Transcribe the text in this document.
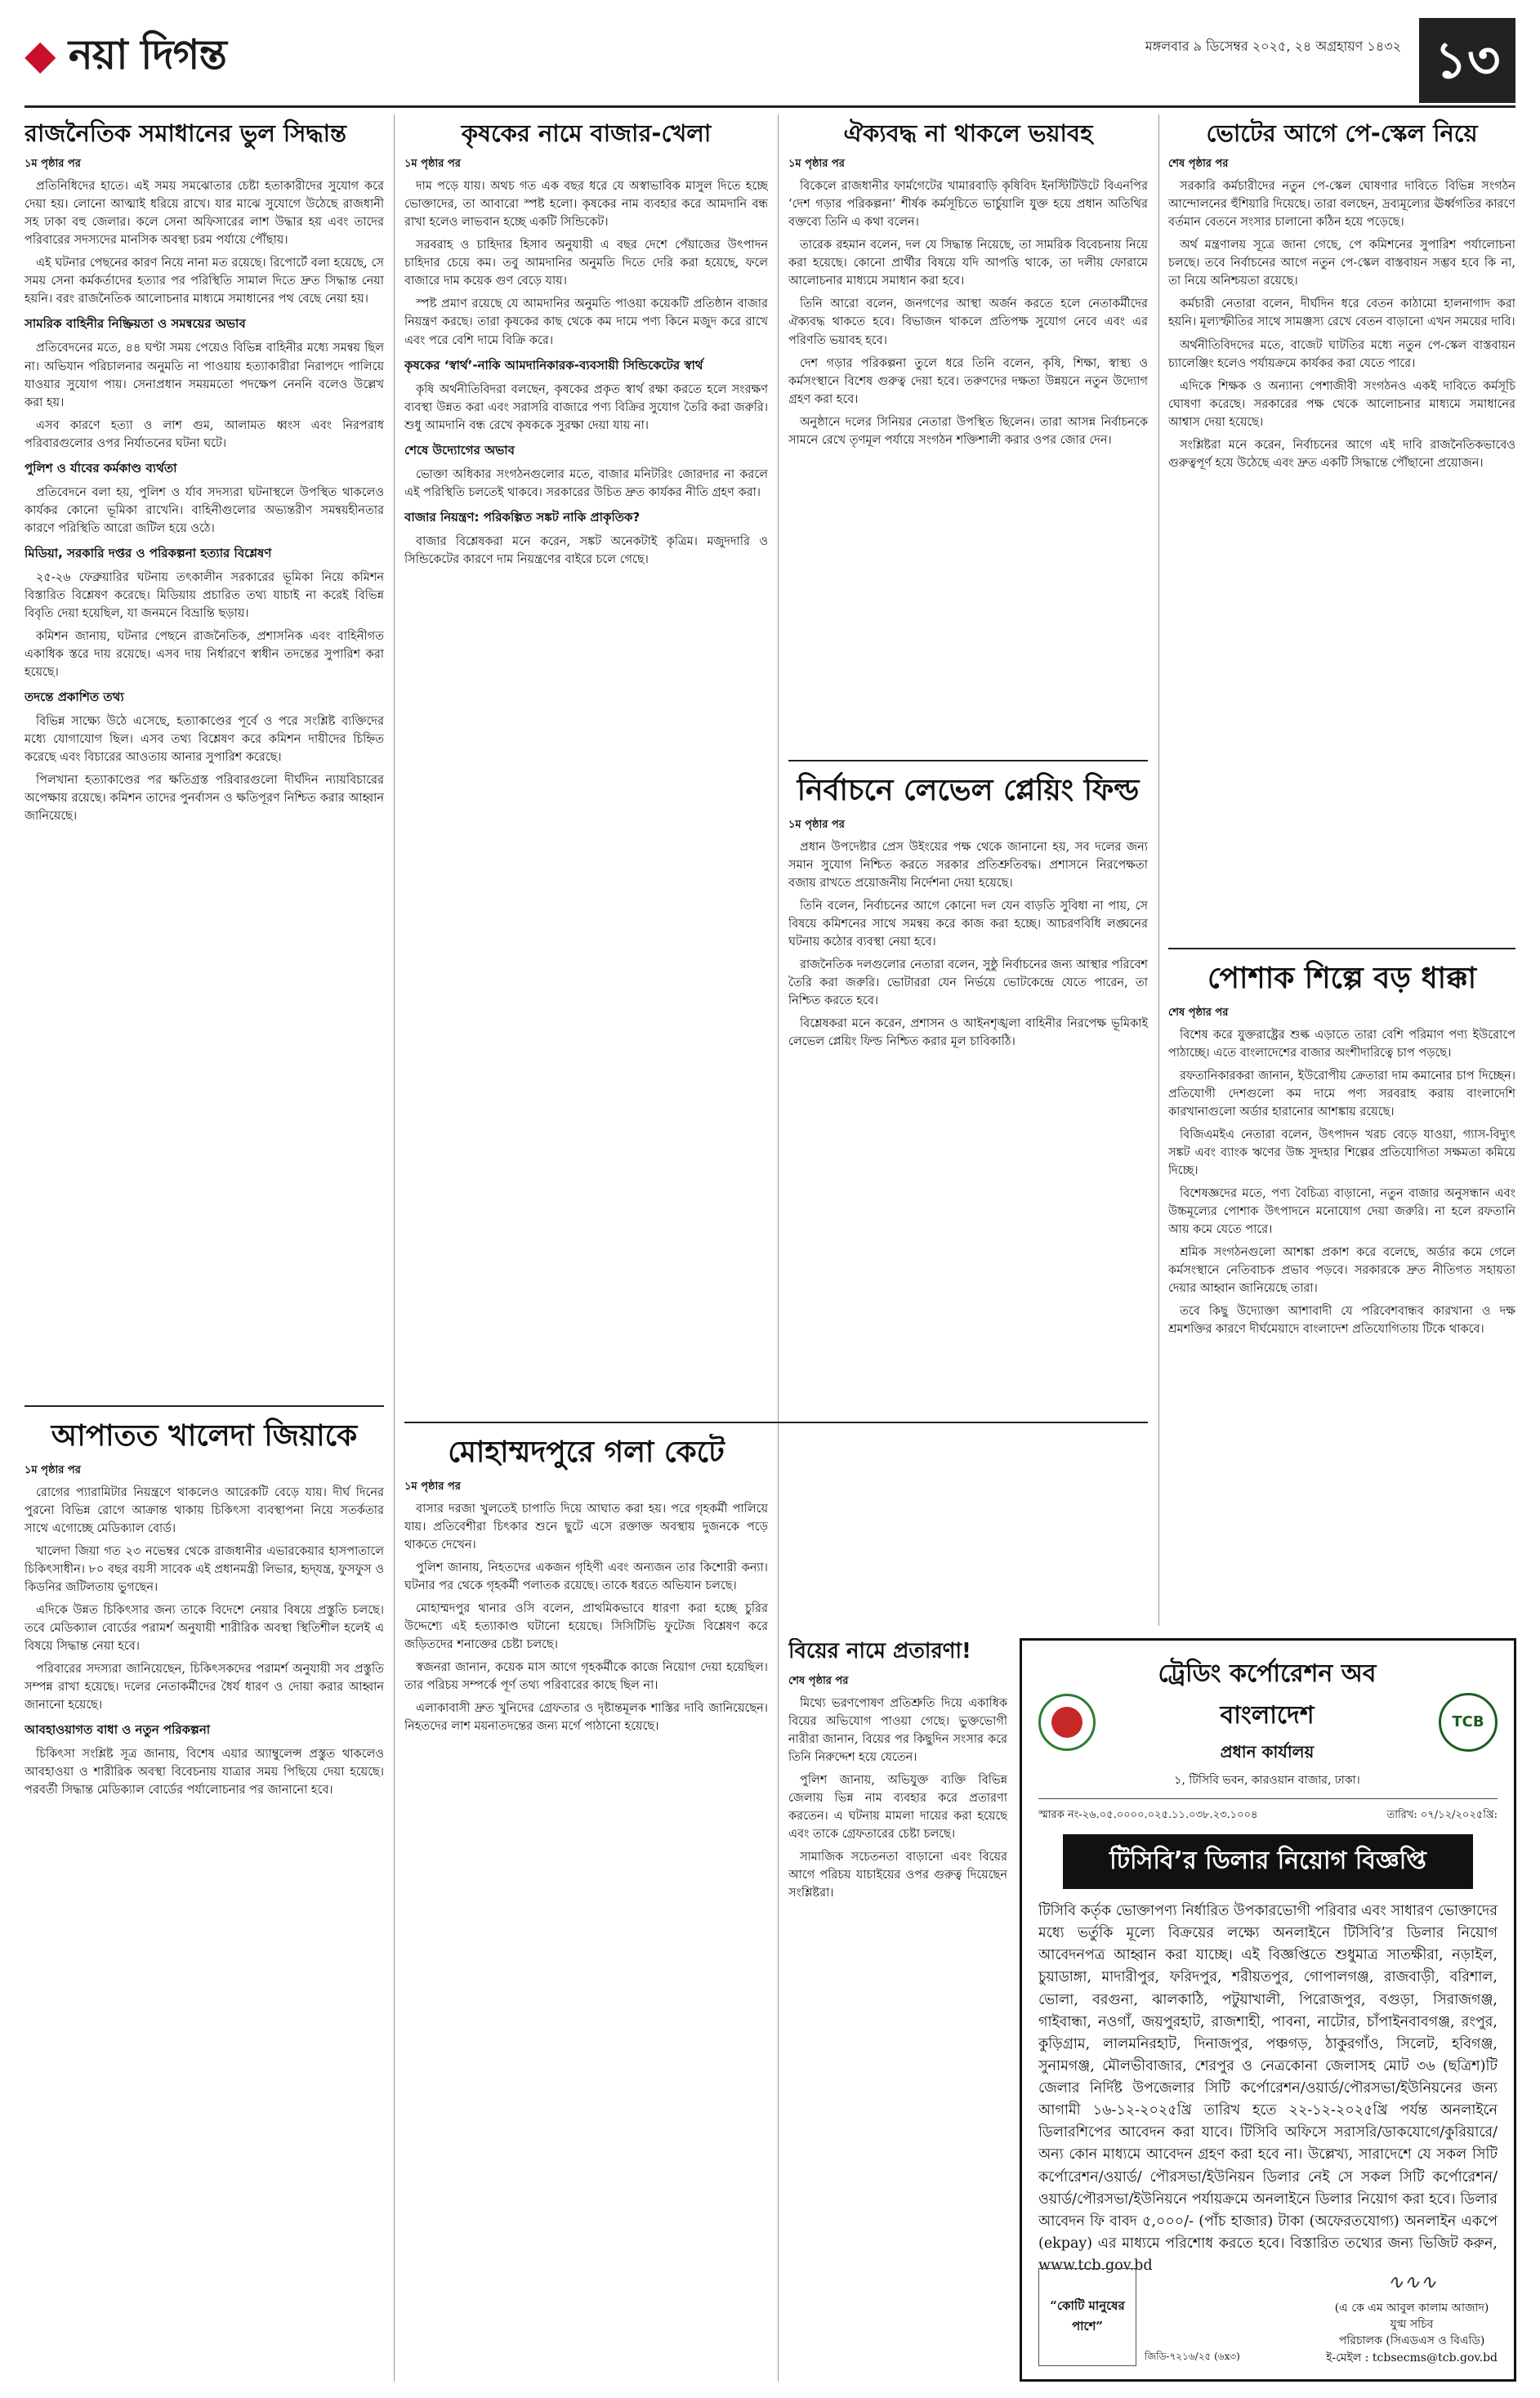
◆ নয়া দিগন্ত	মঙ্গলবার ৯ ডিসেম্বর ২০২৫, ২৪ অগ্রহায়ণ ১৪৩২ ১৩
রাজনৈতিক সমাধানের ভুল সিদ্ধান্ত
১ম পৃষ্ঠার পর

প্রতিনিধিদের হাতে। এই সময় সমঝোতার চেষ্টা হতাকারীদের সুযোগ করে দেয়া হয়। লোনো আত্মাই ধরিয়ে রাখে। যার মাঝে সুযোগে উঠেছে রাজধানী সহ ঢাকা বহু জেলার। কলে সেনা অফিসারের লাশ উদ্ধার হয় এবং তাদের পরিবারের সদস্যদের মানসিক অবস্থা চরম পর্যায়ে পৌঁছায়।

এই ঘটনার পেছনের কারণ নিয়ে নানা মত রয়েছে। রিপোর্টে বলা হয়েছে, সে সময় সেনা কর্মকর্তাদের হত্যার পর পরিস্থিতি সামাল দিতে দ্রুত সিদ্ধান্ত নেয়া হয়নি। বরং রাজনৈতিক আলোচনার মাধ্যমে সমাধানের পথ বেছে নেয়া হয়।

সামরিক বাহিনীর নিষ্ক্রিয়তা ও সমন্বয়ের অভাব

প্রতিবেদনের মতে, ৪৪ ঘণ্টা সময় পেয়েও বিভিন্ন বাহিনীর মধ্যে সমন্বয় ছিল না। অভিযান পরিচালনার অনুমতি না পাওয়ায় হত্যাকারীরা নিরাপদে পালিয়ে যাওয়ার সুযোগ পায়। সেনাপ্রধান সময়মতো পদক্ষেপ নেননি বলেও উল্লেখ করা হয়।

এসব কারণে হত্যা ও লাশ গুম, আলামত ধ্বংস এবং নিরপরাধ পরিবারগুলোর ওপর নির্যাতনের ঘটনা ঘটে।

পুলিশ ও র্যাবের কর্মকাণ্ড ব্যর্থতা

প্রতিবেদনে বলা হয়, পুলিশ ও র্যাব সদস্যরা ঘটনাস্থলে উপস্থিত থাকলেও কার্যকর কোনো ভূমিকা রাখেনি। বাহিনীগুলোর অভ্যন্তরীণ সমন্বয়হীনতার কারণে পরিস্থিতি আরো জটিল হয়ে ওঠে।

মিডিয়া, সরকারি দপ্তর ও পরিকল্পনা হত্যার বিশ্লেষণ

২৫-২৬ ফেব্রুয়ারির ঘটনায় তৎকালীন সরকারের ভূমিকা নিয়ে কমিশন বিস্তারিত বিশ্লেষণ করেছে। মিডিয়ায় প্রচারিত তথ্য যাচাই না করেই বিভিন্ন বিবৃতি দেয়া হয়েছিল, যা জনমনে বিভ্রান্তি ছড়ায়।

কমিশন জানায়, ঘটনার পেছনে রাজনৈতিক, প্রশাসনিক এবং বাহিনীগত একাধিক স্তরে দায় রয়েছে। এসব দায় নির্ধারণে স্বাধীন তদন্তের সুপারিশ করা হয়েছে।

তদন্তে প্রকাশিত তথ্য

বিভিন্ন সাক্ষ্যে উঠে এসেছে, হত্যাকাণ্ডের পূর্বে ও পরে সংশ্লিষ্ট ব্যক্তিদের মধ্যে যোগাযোগ ছিল। এসব তথ্য বিশ্লেষণ করে কমিশন দায়ীদের চিহ্নিত করেছে এবং বিচারের আওতায় আনার সুপারিশ করেছে।

পিলখানা হত্যাকাণ্ডের পর ক্ষতিগ্রস্ত পরিবারগুলো দীর্ঘদিন ন্যায়বিচারের অপেক্ষায় রয়েছে। কমিশন তাদের পুনর্বাসন ও ক্ষতিপূরণ নিশ্চিত করার আহ্বান জানিয়েছে।

আপাতত খালেদা জিয়াকে
১ম পৃষ্ঠার পর

রোগের প্যারামিটার নিয়ন্ত্রণে থাকলেও আরেকটি বেড়ে যায়। দীর্ঘ দিনের পুরনো বিভিন্ন রোগে আক্রান্ত থাকায় চিকিৎসা ব্যবস্থাপনা নিয়ে সতর্কতার সাথে এগোচ্ছে মেডিক্যাল বোর্ড।

খালেদা জিয়া গত ২৩ নভেম্বর থেকে রাজধানীর এভারকেয়ার হাসপাতালে চিকিৎসাধীন। ৮০ বছর বয়সী সাবেক এই প্রধানমন্ত্রী লিভার, হৃদ্‌যন্ত্র, ফুসফুস ও কিডনির জটিলতায় ভুগছেন।

এদিকে উন্নত চিকিৎসার জন্য তাকে বিদেশে নেয়ার বিষয়ে প্রস্তুতি চলছে। তবে মেডিক্যাল বোর্ডের পরামর্শ অনুযায়ী শারীরিক অবস্থা স্থিতিশীল হলেই এ বিষয়ে সিদ্ধান্ত নেয়া হবে।

পরিবারের সদস্যরা জানিয়েছেন, চিকিৎসকদের পরামর্শ অনুযায়ী সব প্রস্তুতি সম্পন্ন রাখা হয়েছে। দলের নেতাকর্মীদের ধৈর্য ধারণ ও দোয়া করার আহ্বান জানানো হয়েছে।

আবহাওয়াগত বাধা ও নতুন পরিকল্পনা

চিকিৎসা সংশ্লিষ্ট সূত্র জানায়, বিশেষ এয়ার অ্যাম্বুলেন্স প্রস্তুত থাকলেও আবহাওয়া ও শারীরিক অবস্থা বিবেচনায় যাত্রার সময় পিছিয়ে দেয়া হয়েছে। পরবর্তী সিদ্ধান্ত মেডিক্যাল বোর্ডের পর্যালোচনার পর জানানো হবে।

কৃষকের নামে বাজার-খেলা
১ম পৃষ্ঠার পর

দাম পড়ে যায়। অথচ গত এক বছর ধরে যে অস্বাভাবিক মাসুল দিতে হচ্ছে ভোক্তাদের, তা আবারো স্পষ্ট হলো। কৃষকের নাম ব্যবহার করে আমদানি বন্ধ রাখা হলেও লাভবান হচ্ছে একটি সিন্ডিকেট।

সরবরাহ ও চাহিদার হিসাব অনুযায়ী এ বছর দেশে পেঁয়াজের উৎপাদন চাহিদার চেয়ে কম। তবু আমদানির অনুমতি দিতে দেরি করা হয়েছে, ফলে বাজারে দাম কয়েক গুণ বেড়ে যায়।

স্পষ্ট প্রমাণ রয়েছে যে আমদানির অনুমতি পাওয়া কয়েকটি প্রতিষ্ঠান বাজার নিয়ন্ত্রণ করছে। তারা কৃষকের কাছ থেকে কম দামে পণ্য কিনে মজুদ করে রাখে এবং পরে বেশি দামে বিক্রি করে।

কৃষকের ‘স্বার্থ’-নাকি আমদানিকারক-ব্যবসায়ী সিন্ডিকেটের স্বার্থ

কৃষি অর্থনীতিবিদরা বলছেন, কৃষকের প্রকৃত স্বার্থ রক্ষা করতে হলে সংরক্ষণ ব্যবস্থা উন্নত করা এবং সরাসরি বাজারে পণ্য বিক্রির সুযোগ তৈরি করা জরুরি। শুধু আমদানি বন্ধ রেখে কৃষককে সুরক্ষা দেয়া যায় না।

শেষে উদ্যোগের অভাব

ভোক্তা অধিকার সংগঠনগুলোর মতে, বাজার মনিটরিং জোরদার না করলে এই পরিস্থিতি চলতেই থাকবে। সরকারের উচিত দ্রুত কার্যকর নীতি গ্রহণ করা।

বাজার নিয়ন্ত্রণ: পরিকল্পিত সঙ্কট নাকি প্রাকৃতিক?

বাজার বিশ্লেষকরা মনে করেন, সঙ্কট অনেকটাই কৃত্রিম। মজুদদারি ও সিন্ডিকেটের কারণে দাম নিয়ন্ত্রণের বাইরে চলে গেছে।

মোহাম্মদপুরে গলা কেটে
১ম পৃষ্ঠার পর

বাসার দরজা খুলতেই চাপাতি দিয়ে আঘাত করা হয়। পরে গৃহকর্মী পালিয়ে যায়। প্রতিবেশীরা চিৎকার শুনে ছুটে এসে রক্তাক্ত অবস্থায় দুজনকে পড়ে থাকতে দেখেন।

পুলিশ জানায়, নিহতদের একজন গৃহিণী এবং অন্যজন তার কিশোরী কন্যা। ঘটনার পর থেকে গৃহকর্মী পলাতক রয়েছে। তাকে ধরতে অভিযান চলছে।

মোহাম্মদপুর থানার ওসি বলেন, প্রাথমিকভাবে ধারণা করা হচ্ছে চুরির উদ্দেশ্যে এই হত্যাকাণ্ড ঘটানো হয়েছে। সিসিটিভি ফুটেজ বিশ্লেষণ করে জড়িতদের শনাক্তের চেষ্টা চলছে।

স্বজনরা জানান, কয়েক মাস আগে গৃহকর্মীকে কাজে নিয়োগ দেয়া হয়েছিল। তার পরিচয় সম্পর্কে পূর্ণ তথ্য পরিবারের কাছে ছিল না।

এলাকাবাসী দ্রুত খুনিদের গ্রেফতার ও দৃষ্টান্তমূলক শাস্তির দাবি জানিয়েছেন। নিহতদের লাশ ময়নাতদন্তের জন্য মর্গে পাঠানো হয়েছে।

ঐক্যবদ্ধ না থাকলে ভয়াবহ
১ম পৃষ্ঠার পর

বিকেলে রাজধানীর ফার্মগেটের খামারবাড়ি কৃষিবিদ ইনস্টিটিউটে বিএনপির ‘দেশ গড়ার পরিকল্পনা’ শীর্ষক কর্মসূচিতে ভার্চুয়ালি যুক্ত হয়ে প্রধান অতিথির বক্তব্যে তিনি এ কথা বলেন।

তারেক রহমান বলেন, দল যে সিদ্ধান্ত নিয়েছে, তা সামরিক বিবেচনায় নিয়ে করা হয়েছে। কোনো প্রার্থীর বিষয়ে যদি আপত্তি থাকে, তা দলীয় ফোরামে আলোচনার মাধ্যমে সমাধান করা হবে।

তিনি আরো বলেন, জনগণের আস্থা অর্জন করতে হলে নেতাকর্মীদের ঐক্যবদ্ধ থাকতে হবে। বিভাজন থাকলে প্রতিপক্ষ সুযোগ নেবে এবং এর পরিণতি ভয়াবহ হবে।

দেশ গড়ার পরিকল্পনা তুলে ধরে তিনি বলেন, কৃষি, শিক্ষা, স্বাস্থ্য ও কর্মসংস্থানে বিশেষ গুরুত্ব দেয়া হবে। তরুণদের দক্ষতা উন্নয়নে নতুন উদ্যোগ গ্রহণ করা হবে।

অনুষ্ঠানে দলের সিনিয়র নেতারা উপস্থিত ছিলেন। তারা আসন্ন নির্বাচনকে সামনে রেখে তৃণমূল পর্যায়ে সংগঠন শক্তিশালী করার ওপর জোর দেন।

নির্বাচনে লেভেল প্লেয়িং ফিল্ড
১ম পৃষ্ঠার পর

প্রধান উপদেষ্টার প্রেস উইংয়ের পক্ষ থেকে জানানো হয়, সব দলের জন্য সমান সুযোগ নিশ্চিত করতে সরকার প্রতিশ্রুতিবদ্ধ। প্রশাসনে নিরপেক্ষতা বজায় রাখতে প্রয়োজনীয় নির্দেশনা দেয়া হয়েছে।

তিনি বলেন, নির্বাচনের আগে কোনো দল যেন বাড়তি সুবিধা না পায়, সে বিষয়ে কমিশনের সাথে সমন্বয় করে কাজ করা হচ্ছে। আচরণবিধি লঙ্ঘনের ঘটনায় কঠোর ব্যবস্থা নেয়া হবে।

রাজনৈতিক দলগুলোর নেতারা বলেন, সুষ্ঠু নির্বাচনের জন্য আস্থার পরিবেশ তৈরি করা জরুরি। ভোটাররা যেন নির্ভয়ে ভোটকেন্দ্রে যেতে পারেন, তা নিশ্চিত করতে হবে।

বিশ্লেষকরা মনে করেন, প্রশাসন ও আইনশৃঙ্খলা বাহিনীর নিরপেক্ষ ভূমিকাই লেভেল প্লেয়িং ফিল্ড নিশ্চিত করার মূল চাবিকাঠি।

বিয়ের নামে প্রতারণা!
শেষ পৃষ্ঠার পর

মিথ্যে ভরণপোষণ প্রতিশ্রুতি দিয়ে একাধিক বিয়ের অভিযোগ পাওয়া গেছে। ভুক্তভোগী নারীরা জানান, বিয়ের পর কিছুদিন সংসার করে তিনি নিরুদ্দেশ হয়ে যেতেন।

পুলিশ জানায়, অভিযুক্ত ব্যক্তি বিভিন্ন জেলায় ভিন্ন নাম ব্যবহার করে প্রতারণা করতেন। এ ঘটনায় মামলা দায়ের করা হয়েছে এবং তাকে গ্রেফতারের চেষ্টা চলছে।

সামাজিক সচেতনতা বাড়ানো এবং বিয়ের আগে পরিচয় যাচাইয়ের ওপর গুরুত্ব দিয়েছেন সংশ্লিষ্টরা।

ভোটের আগে পে-স্কেল নিয়ে
শেষ পৃষ্ঠার পর

সরকারি কর্মচারীদের নতুন পে-স্কেল ঘোষণার দাবিতে বিভিন্ন সংগঠন আন্দোলনের হুঁশিয়ারি দিয়েছে। তারা বলছেন, দ্রব্যমূল্যের ঊর্ধ্বগতির কারণে বর্তমান বেতনে সংসার চালানো কঠিন হয়ে পড়েছে।

অর্থ মন্ত্রণালয় সূত্রে জানা গেছে, পে কমিশনের সুপারিশ পর্যালোচনা চলছে। তবে নির্বাচনের আগে নতুন পে-স্কেল বাস্তবায়ন সম্ভব হবে কি না, তা নিয়ে অনিশ্চয়তা রয়েছে।

কর্মচারী নেতারা বলেন, দীর্ঘদিন ধরে বেতন কাঠামো হালনাগাদ করা হয়নি। মূল্যস্ফীতির সাথে সামঞ্জস্য রেখে বেতন বাড়ানো এখন সময়ের দাবি।

অর্থনীতিবিদদের মতে, বাজেট ঘাটতির মধ্যে নতুন পে-স্কেল বাস্তবায়ন চ্যালেঞ্জিং হলেও পর্যায়ক্রমে কার্যকর করা যেতে পারে।

এদিকে শিক্ষক ও অন্যান্য পেশাজীবী সংগঠনও একই দাবিতে কর্মসূচি ঘোষণা করেছে। সরকারের পক্ষ থেকে আলোচনার মাধ্যমে সমাধানের আশ্বাস দেয়া হয়েছে।

সংশ্লিষ্টরা মনে করেন, নির্বাচনের আগে এই দাবি রাজনৈতিকভাবেও গুরুত্বপূর্ণ হয়ে উঠেছে এবং দ্রুত একটি সিদ্ধান্তে পৌঁছানো প্রয়োজন।

পোশাক শিল্পে বড় ধাক্কা
শেষ পৃষ্ঠার পর

বিশেষ করে যুক্তরাষ্ট্রের শুল্ক এড়াতে তারা বেশি পরিমাণ পণ্য ইউরোপে পাঠাচ্ছে। এতে বাংলাদেশের বাজার অংশীদারিত্বে চাপ পড়ছে।

রফতানিকারকরা জানান, ইউরোপীয় ক্রেতারা দাম কমানোর চাপ দিচ্ছেন। প্রতিযোগী দেশগুলো কম দামে পণ্য সরবরাহ করায় বাংলাদেশি কারখানাগুলো অর্ডার হারানোর আশঙ্কায় রয়েছে।

বিজিএমইএ নেতারা বলেন, উৎপাদন খরচ বেড়ে যাওয়া, গ্যাস-বিদ্যুৎ সঙ্কট এবং ব্যাংক ঋণের উচ্চ সুদহার শিল্পের প্রতিযোগিতা সক্ষমতা কমিয়ে দিচ্ছে।

বিশেষজ্ঞদের মতে, পণ্য বৈচিত্র্য বাড়ানো, নতুন বাজার অনুসন্ধান এবং উচ্চমূল্যের পোশাক উৎপাদনে মনোযোগ দেয়া জরুরি। না হলে রফতানি আয় কমে যেতে পারে।

শ্রমিক সংগঠনগুলো আশঙ্কা প্রকাশ করে বলেছে, অর্ডার কমে গেলে কর্মসংস্থানে নেতিবাচক প্রভাব পড়বে। সরকারকে দ্রুত নীতিগত সহায়তা দেয়ার আহ্বান জানিয়েছে তারা।

তবে কিছু উদ্যোক্তা আশাবাদী যে পরিবেশবান্ধব কারখানা ও দক্ষ শ্রমশক্তির কারণে দীর্ঘমেয়াদে বাংলাদেশ প্রতিযোগিতায় টিকে থাকবে।

ট্রেডিং কর্পোরেশন অব বাংলাদেশ
প্রধান কার্যালয়
১, টিসিবি ভবন, কারওয়ান বাজার, ঢাকা।
TCB
স্মারক নং-২৬.০৫.০০০০.০২৫.১১.০৩৮.২৩.১০০৪	তারিখ: ০৭/১২/২০২৫খ্রি:
টিসিবি’র ডিলার নিয়োগ বিজ্ঞপ্তি

টিসিবি কর্তৃক ভোক্তাপণ্য নির্ধারিত উপকারভোগী পরিবার এবং সাধারণ ভোক্তাদের মধ্যে ভর্তুকি মূল্যে বিক্রয়ের লক্ষ্যে অনলাইনে টিসিবি’র ডিলার নিয়োগ আবেদনপত্র আহ্বান করা যাচ্ছে। এই বিজ্ঞপ্তিতে শুধুমাত্র সাতক্ষীরা, নড়াইল, চুয়াডাঙ্গা, মাদারীপুর, ফরিদপুর, শরীয়তপুর, গোপালগঞ্জ, রাজবাড়ী, বরিশাল, ভোলা, বরগুনা, ঝালকাঠি, পটুয়াখালী, পিরোজপুর, বগুড়া, সিরাজগঞ্জ, গাইবান্ধা, নওগাঁ, জয়পুরহাট, রাজশাহী, পাবনা, নাটোর, চাঁপাইনবাবগঞ্জ, রংপুর, কুড়িগ্রাম, লালমনিরহাট, দিনাজপুর, পঞ্চগড়, ঠাকুরগাঁও, সিলেট, হবিগঞ্জ, সুনামগঞ্জ, মৌলভীবাজার, শেরপুর ও নেত্রকোনা জেলাসহ মোট ৩৬ (ছত্রিশ)টি জেলার নির্দিষ্ট উপজেলার সিটি কর্পোরেশন/ওয়ার্ড/পৌরসভা/ইউনিয়নের জন্য আগামী ১৬-১২-২০২৫খ্রি তারিখ হতে ২২-১২-২০২৫খ্রি পর্যন্ত অনলাইনে ডিলারশিপের আবেদন করা যাবে। টিসিবি অফিসে সরাসরি/ডাকযোগে/কুরিয়ারে/ অন্য কোন মাধ্যমে আবেদন গ্রহণ করা হবে না। উল্লেখ্য, সারাদেশে যে সকল সিটি কর্পোরেশন/ওয়ার্ড/ পৌরসভা/ইউনিয়ন ডিলার নেই সে সকল সিটি কর্পোরেশন/ওয়ার্ড/পৌরসভা/ইউনিয়নে পর্যায়ক্রমে অনলাইনে ডিলার নিয়োগ করা হবে। ডিলার আবেদন ফি বাবদ ৫,০০০/- (পাঁচ হাজার) টাকা (অফেরতযোগ্য) অনলাইন একপে (ekpay) এর মাধ্যমে পরিশোধ করতে হবে। বিস্তারিত তথ্যের জন্য ভিজিট করুন, www.tcb.gov.bd

“কোটি মানুষের পাশে”
∿∿∿
(এ কে এম আবুল কালাম আজাদ)
যুগ্ম সচিব
পরিচালক (সিএডএস ও বিএডি)
ই-মেইল : tcbsecms@tcb.gov.bd
জিডি-৭২১৬/২৫ (৬x৩)
